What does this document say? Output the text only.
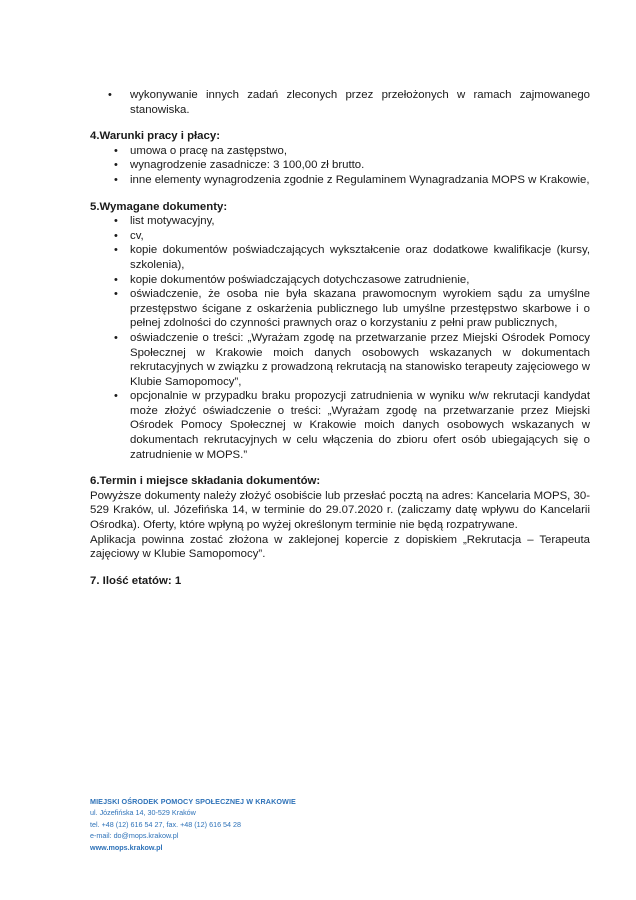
• wykonywanie innych zadań zleconych przez przełożonych w ramach zajmowanego stanowiska.

4.Warunki pracy i płacy:

• umowa o pracę na zastępstwo,
• wynagrodzenie zasadnicze: 3 100,00 zł brutto.
• inne elementy wynagrodzenia zgodnie z Regulaminem Wynagradzania MOPS w Krakowie,

5.Wymagane dokumenty:

• list motywacyjny,
• cv,
• kopie dokumentów poświadczających wykształcenie oraz dodatkowe kwalifikacje (kursy, szkolenia),
• kopie dokumentów poświadczających dotychczasowe zatrudnienie,
• oświadczenie, że osoba nie była skazana prawomocnym wyrokiem sądu za umyślne przestępstwo ścigane z oskarżenia publicznego lub umyślne przestępstwo skarbowe i o pełnej zdolności do czynności prawnych oraz o korzystaniu z pełni praw publicznych,
• oświadczenie o treści: „Wyrażam zgodę na przetwarzanie przez Miejski Ośrodek Pomocy Społecznej w Krakowie moich danych osobowych wskazanych w dokumentach rekrutacyjnych w związku z prowadzoną rekrutacją na stanowisko terapeuty zajęciowego w Klubie Samopomocy”,
• opcjonalnie w przypadku braku propozycji zatrudnienia w wyniku w/w rekrutacji kandydat może złożyć oświadczenie o treści: „Wyrażam zgodę na przetwarzanie przez Miejski Ośrodek Pomocy Społecznej w Krakowie moich danych osobowych wskazanych w dokumentach rekrutacyjnych w celu włączenia do zbioru ofert osób ubiegających się o zatrudnienie w MOPS.”

6.Termin i miejsce składania dokumentów:

Powyższe dokumenty należy złożyć osobiście lub przesłać pocztą na adres: Kancelaria MOPS, 30-529 Kraków, ul. Józefińska 14, w terminie do 29.07.2020 r. (zaliczamy datę wpływu do Kancelarii Ośrodka). Oferty, które wpłyną po wyżej określonym terminie nie będą rozpatrywane.

Aplikacja powinna zostać złożona w zaklejonej kopercie z dopiskiem „Rekrutacja – Terapeuta zajęciowy w Klubie Samopomocy”.

7. Ilość etatów: 1

MIEJSKI OŚRODEK POMOCY SPOŁECZNEJ W KRAKOWIE
ul. Józefińska 14, 30-529 Kraków
tel. +48 (12) 616 54 27, fax. +48 (12) 616 54 28
e-mail: do@mops.krakow.pl
www.mops.krakow.pl
